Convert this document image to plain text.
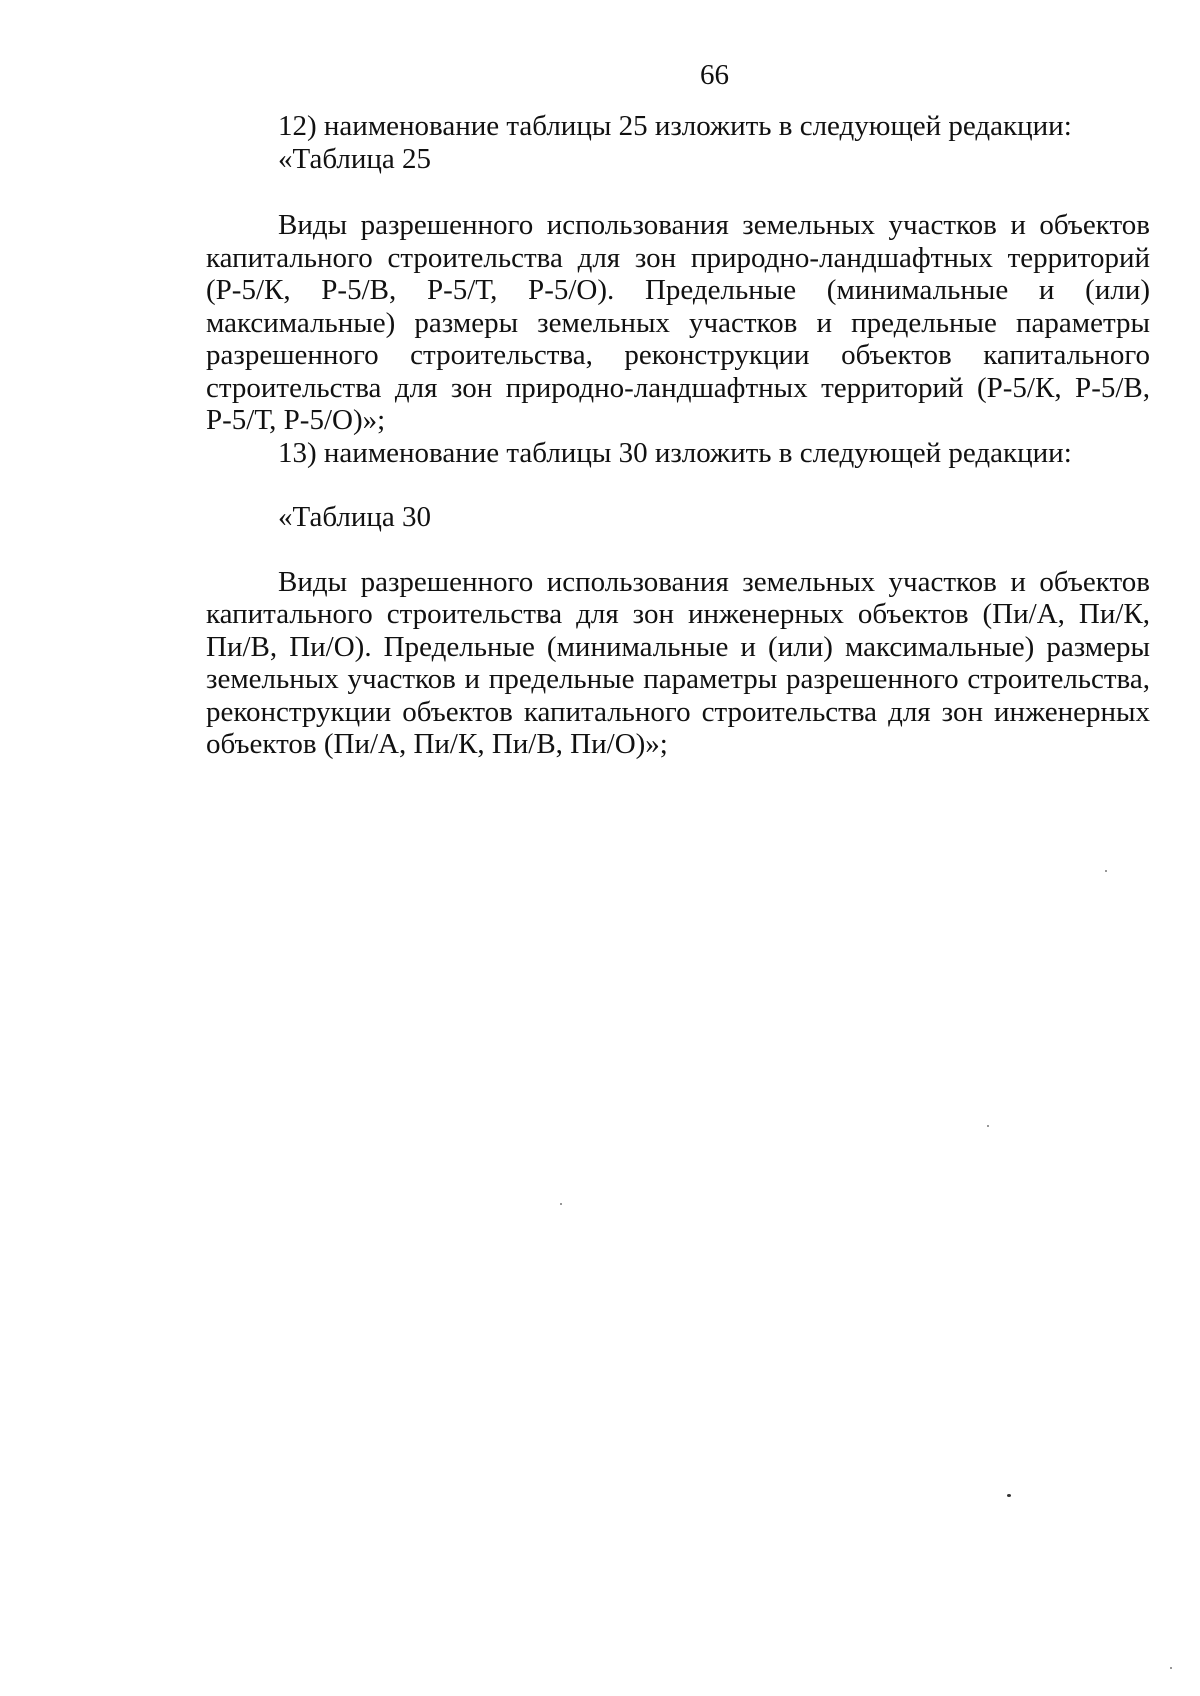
66

12) наименование таблицы 25 изложить в следующей редакции:

«Таблица 25

Виды разрешенного использования земельных участков и объектов капитального строительства для зон природно-ландшафтных территорий (Р-5/К, Р-5/В, Р-5/Т, Р-5/О). Предельные (минимальные и (или) максимальные) размеры земельных участков и предельные параметры разрешенного строительства, реконструкции объектов капитального строительства для зон природно-ландшафтных территорий (Р-5/К, Р-5/В, Р-5/Т, Р-5/О)»;

13) наименование таблицы 30 изложить в следующей редакции:

«Таблица 30

Виды разрешенного использования земельных участков и объектов капитального строительства для зон инженерных объектов (Пи/А, Пи/К, Пи/В, Пи/О). Предельные (минимальные и (или) максимальные) размеры земельных участков и предельные параметры разрешенного строительства, реконструкции объектов капитального строительства для зон инженерных объектов (Пи/А, Пи/К, Пи/В, Пи/О)»;
